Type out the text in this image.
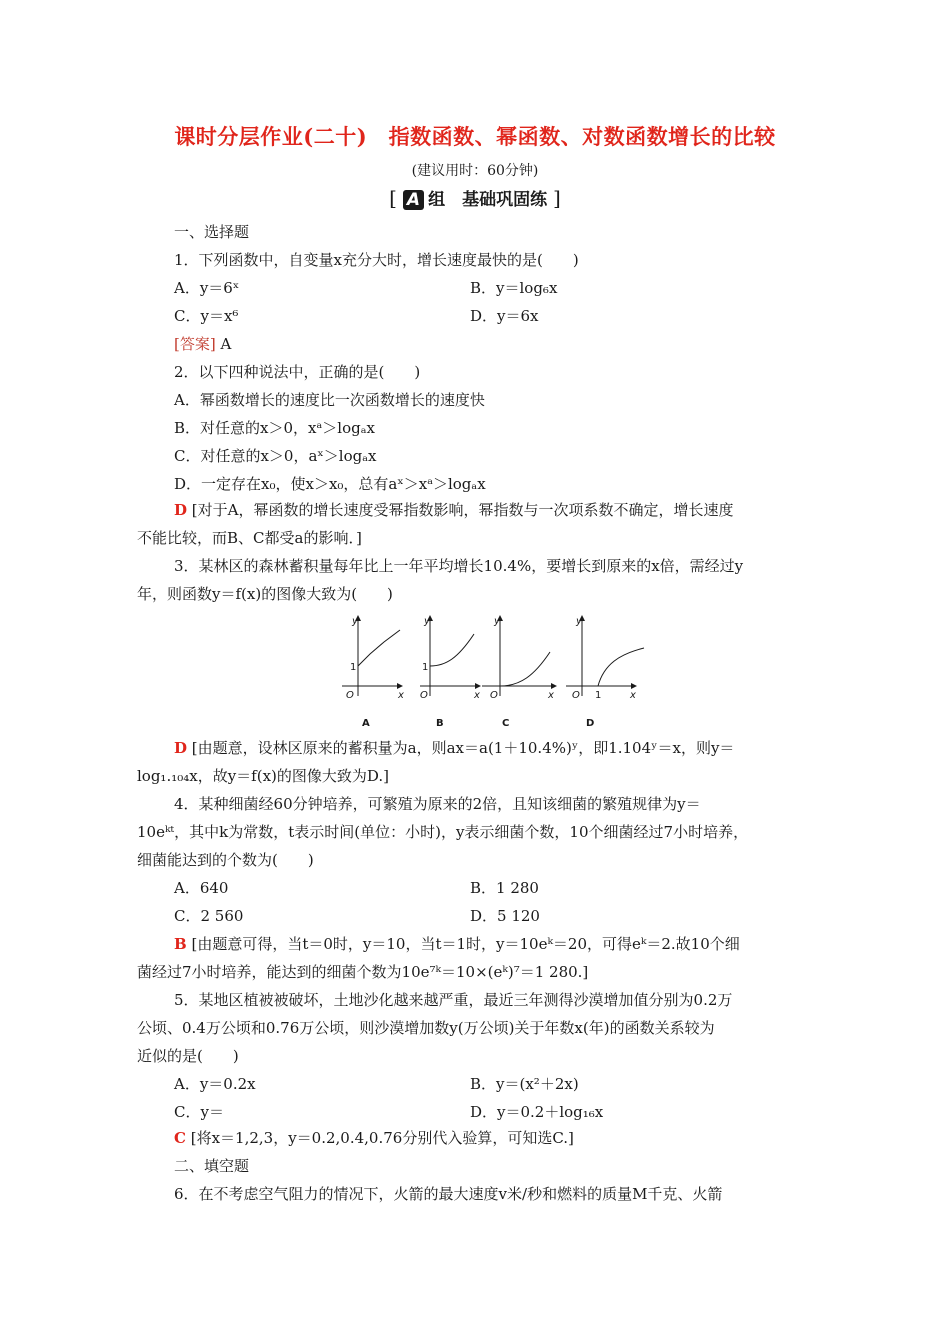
课时分层作业(二十)　指数函数、幂函数、对数函数增长的比较
(建议用时：60分钟)
[ A 组　基础巩固练 ]
一、选择题
1．下列函数中，自变量x充分大时，增长速度最快的是(　　)
A．y＝6ˣ	B．y＝log₆x
C．y＝x⁶	D．y＝6x
[答案] A
2．以下四种说法中，正确的是(　　)
A．幂函数增长的速度比一次函数增长的速度快
B．对任意的x＞0，xᵃ＞logₐx
C．对任意的x＞0，aˣ＞logₐx
D．一定存在x₀，使x＞x₀，总有aˣ＞xᵃ＞logₐx
D [对于A，幂函数的增长速度受幂指数影响，幂指数与一次项系数不确定，增长速度
不能比较，而B、C都受a的影响．]
3．某林区的森林蓄积量每年比上一年平均增长10.4%，要增长到原来的x倍，需经过y
年，则函数y＝f(x)的图像大致为(　　)
y
x
O
1
y
x
O
1
y
x
O
y
x
O 1
A	B	C	D
D [由题意，设林区原来的蓄积量为a，则ax＝a(1＋10.4%)ʸ，即1.104ʸ＝x，则y＝
log₁.₁₀₄x，故y＝f(x)的图像大致为D.]
4．某种细菌经60分钟培养，可繁殖为原来的2倍，且知该细菌的繁殖规律为y＝
10eᵏᵗ，其中k为常数，t表示时间(单位：小时)，y表示细菌个数，10个细菌经过7小时培养，
细菌能达到的个数为(　　)
A．640	B．1 280
C．2 560	D．5 120
B [由题意可得，当t＝0时，y＝10，当t＝1时，y＝10eᵏ＝20，可得eᵏ＝2.故10个细
菌经过7小时培养，能达到的细菌个数为10e⁷ᵏ＝10×(eᵏ)⁷＝1 280.]
5．某地区植被被破坏，土地沙化越来越严重，最近三年测得沙漠增加值分别为0.2万
公顷、0.4万公顷和0.76万公顷，则沙漠增加数y(万公顷)关于年数x(年)的函数关系较为
近似的是(　　)
A．y＝0.2x	B．y＝(x²＋2x)
C．y＝	D．y＝0.2＋log₁₆x
C [将x＝1,2,3，y＝0.2,0.4,0.76分别代入验算，可知选C.]
二、填空题
6．在不考虑空气阻力的情况下，火箭的最大速度v米/秒和燃料的质量M千克、火箭
